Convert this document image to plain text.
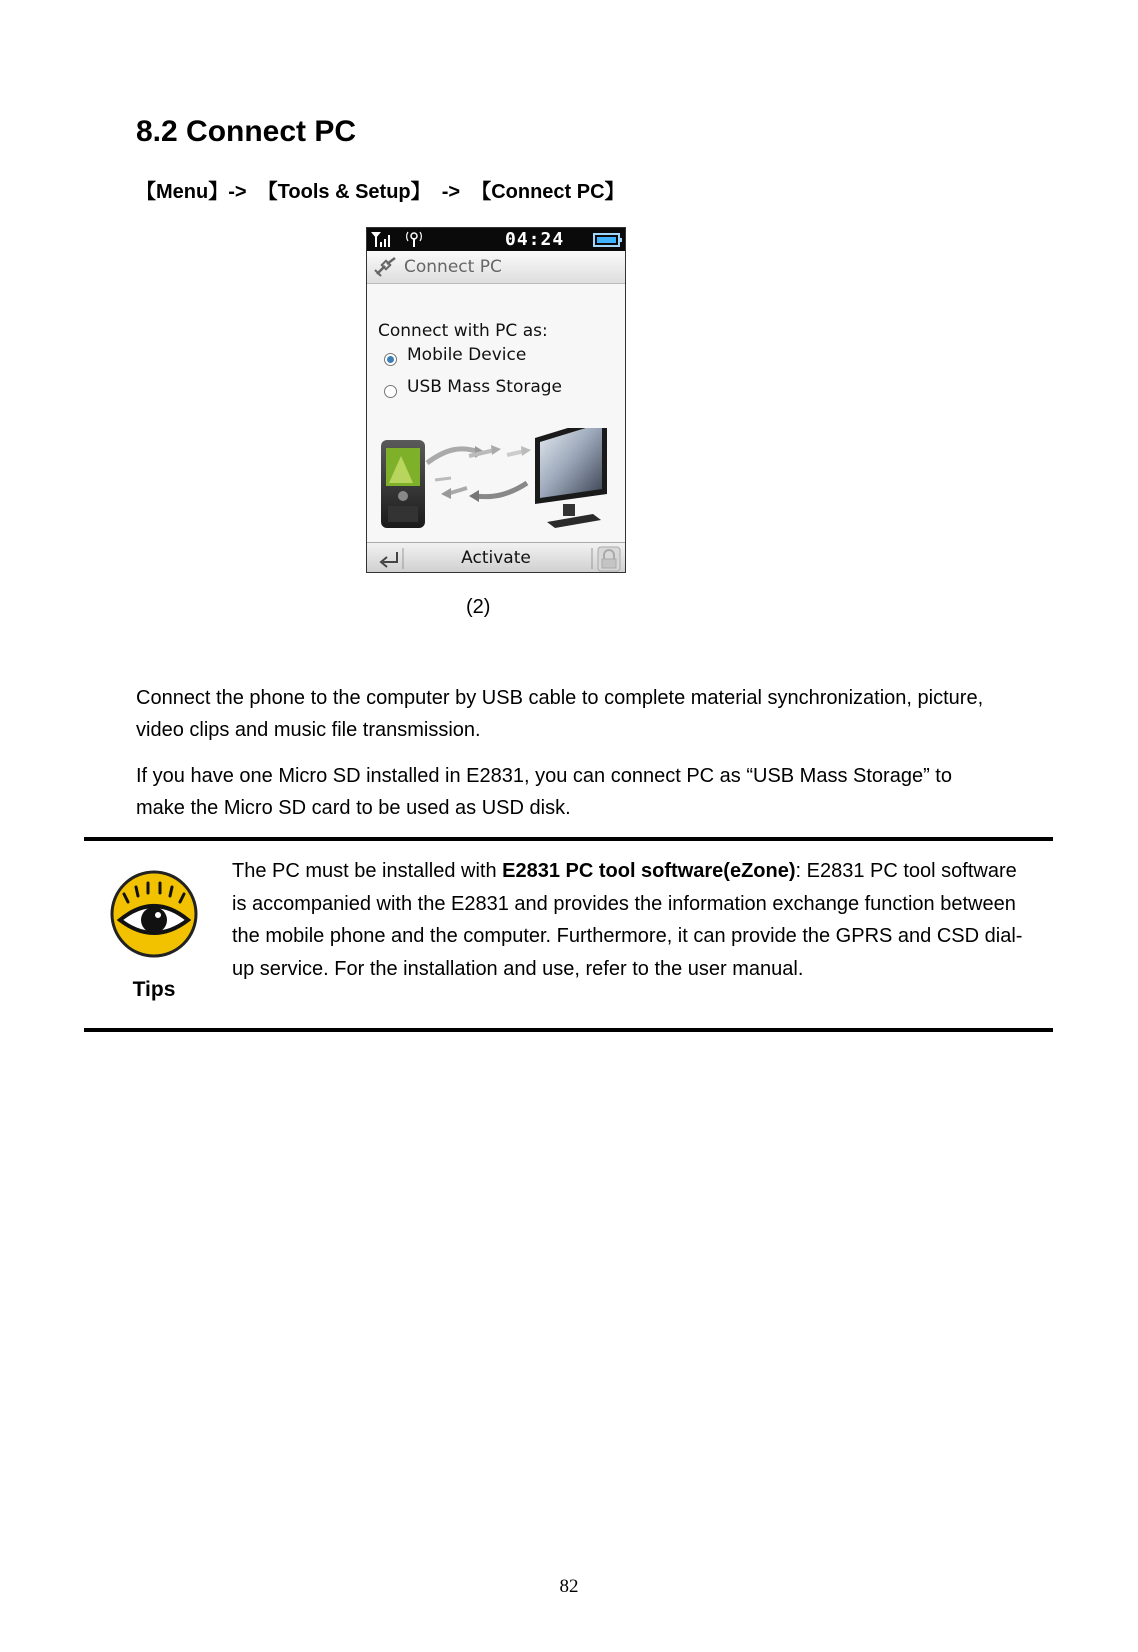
8.2 Connect PC
【Menu】->  【Tools & Setup】  ->  【Connect PC】
04:24
Connect PC
Connect with PC as:
Mobile Device
USB Mass Storage
Activate
(2)

Connect the phone to the computer by USB cable to complete material synchronization, picture, video clips and music file transmission.

If you have one Micro SD installed in E2831, you can connect PC as “USB Mass Storage” to make the Micro SD card to be used as USD disk.

Tips

The PC must be installed with E2831 PC tool software(eZone): E2831 PC tool software is accompanied with the E2831 and provides the information exchange function between the mobile phone and the computer. Furthermore, it can provide the GPRS and CSD dial-up service. For the installation and use, refer to the user manual.

82
